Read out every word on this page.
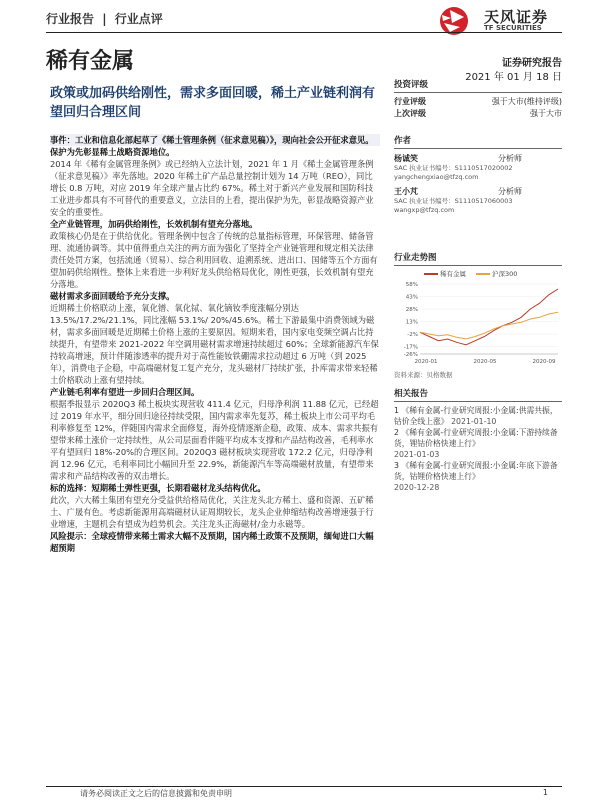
行业报告 | 行业点评	天风证券
TF SECURITIES
稀有金属	证券研究报告
2021 年 01 月 18 日
政策或加码供给刚性，需求多面回暖，稀土产业链利润有望回归合理区间

事件：工业和信息化部起草了《稀土管理条例（征求意见稿）》，现向社会公开征求意见。

保护为先彰显稀土战略资源地位。

2014 年《稀有金属管理条例》或已经纳入立法计划，2021 年 1 月《稀土金属管理条例（征求意见稿）》率先落地。2020 年稀土矿产品总量控制计划为 14 万吨（REO），同比增长 0.8 万吨，对应 2019 年全球产量占比约 67%。稀土对于新兴产业发展和国防科技工业进步都具有不可替代的重要意义，立法目的上看，提出保护为先，彰显战略资源产业安全的重要性。

全产业链管理，加码供给刚性，长效机制有望充分落地。

政策核心仍是在于供给优化。管理条例中包含了传统的总量指标管理，环保管理、储备管理、流通协调等。其中值得重点关注的两方面为强化了坚持全产业链管理和规定相关法律责任处罚方案，包括流通（贸易）、综合利用回收、追溯系统、进出口、国储等五个方面有望加码供给刚性。整体上来看进一步利好龙头供给格局优化，刚性更强，长效机制有望充分落地。

磁材需求多面回暖给予充分支撑。

近期稀土价格联动上涨，氧化镨、氧化铽、氧化镝钕季度涨幅分别达13.5%/17.2%/21.1%，同比涨幅 53.1%/ 20%/45.6%。稀土下游最集中消费领域为磁材，需求多面回暖是近期稀土价格上涨的主要原因。短期来看，国内家电变频空调占比持续提升，有望带来 2021-2022 年空调用磁材需求增速持续超过 60%；全球新能源汽车保持较高增速，预计伴随渗透率的提升对于高性能钕铁硼需求拉动超过 6 万吨（到 2025 年），消费电子企稳，中高端磁材复工复产充分，龙头磁材厂持续扩张，扑库需求带来轻稀土价格联动上涨有望持续。

产业链毛利率有望进一步回归合理区间。

根据季报显示 2020Q3 稀土板块实现营收 411.4 亿元，归母净利润 11.88 亿元，已经超过 2019 年水平，细分回归途径持续受限，国内需求率先复苏，稀土板块上市公司平均毛利率修复至 12%，伴随国内需求全面修复，海外疫情逐渐企稳，政策、成本、需求共振有望带来稀土涨价一定持续性，从公司层面看伴随平均成本支撑和产品结构改善，毛利率水平有望回归 18%-20%的合理区间。2020Q3 磁材板块实现营收 172.2 亿元，归母净利润 12.96 亿元，毛利率同比小幅回升至 22.9%，新能源汽车等高端磁材放量，有望带来需求和产品结构改善的双击增长。

标的选择：短期稀土弹性更强，长期看磁材龙头结构优化。

此次，六大稀土集团有望充分受益供给格局优化，关注龙头北方稀土、盛和资源、五矿稀土、广晟有色。考虑新能源用高端磁材认证周期较长，龙头企业伸缩结构改善增速强于行业增速，主题机会有望成为趋势机会。关注龙头正海磁材/金力永磁等。

风险提示：全球疫情带来稀土需求大幅不及预期，国内稀土政策不及预期，缅甸进口大幅超预期

投资评级
行业评级	强于大市(维持评级)
上次评级	强于大市
作者
杨诚笑	分析师
SAC 执业证书编号：S1110517020002
yangchengxiao@tfzq.com
王小芃	分析师
SAC 执业证书编号：S1110517060003
wangxp@tfzq.com
行业走势图
稀有金属	沪深300
58%
43%
28%
13%
-2%
-17%
-26%
2020-01	2020-05	2020-09
资料来源：贝格数据
相关报告
1 《稀有金属-行业研究周报:小金属:供需共振，钴价全线上涨》 2021-01-10
2 《稀有金属-行业研究周报:小金属:下游持续备货，锂钴价格快速上行》
2021-01-03
3 《稀有金属-行业研究周报:小金属:年底下游备货，钴锂价格快速上行》
2020-12-28
请务必阅读正文之后的信息披露和免责申明	1
